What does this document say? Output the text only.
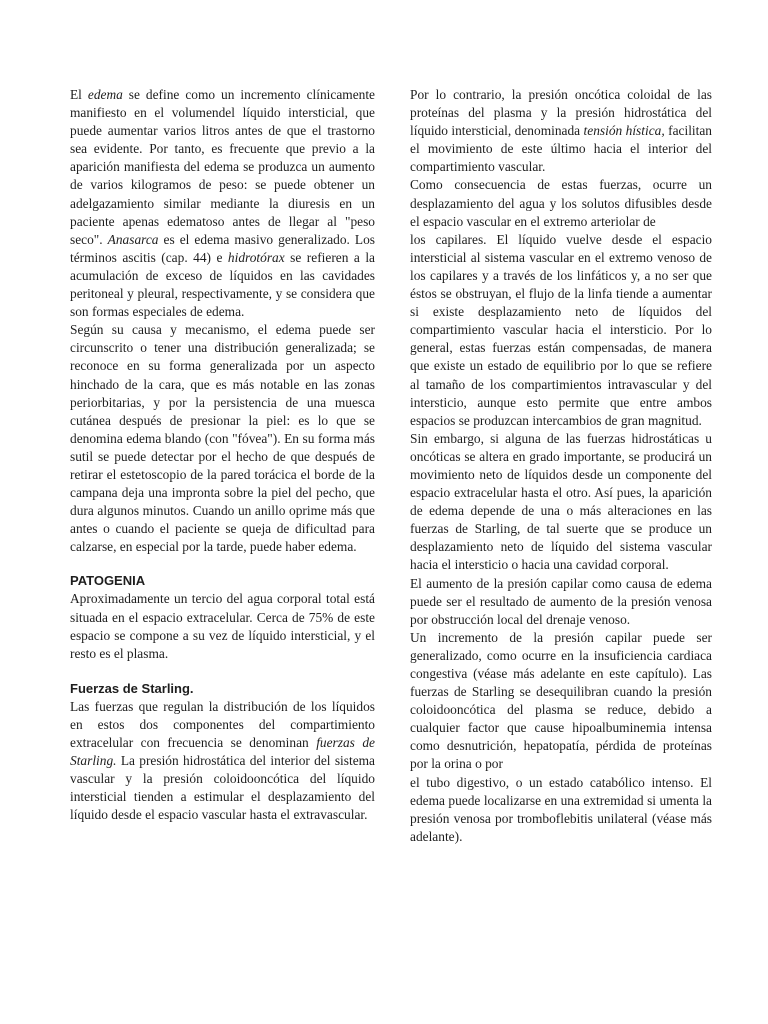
El edema se define como un incremento clínicamente manifiesto en el volumendel líquido intersticial, que puede aumentar varios litros antes de que el trastorno sea evidente. Por tanto, es frecuente que previo a la aparición manifiesta del edema se produzca un aumento de varios kilogramos de peso: se puede obtener un adelgazamiento similar mediante la diuresis en un paciente apenas edematoso antes de llegar al "peso seco". Anasarca es el edema masivo generalizado. Los términos ascitis (cap. 44) e hidrotórax se refieren a la acumulación de exceso de líquidos en las cavidades peritoneal y pleural, respectivamente, y se considera que son formas especiales de edema.

Según su causa y mecanismo, el edema puede ser circunscrito o tener una distribución generalizada; se reconoce en su forma generalizada por un aspecto hinchado de la cara, que es más notable en las zonas periorbitarias, y por la persistencia de una muesca cutánea después de presionar la piel: es lo que se denomina edema blando (con "fóvea"). En su forma más sutil se puede detectar por el hecho de que después de retirar el estetoscopio de la pared torácica el borde de la campana deja una impronta sobre la piel del pecho, que dura algunos minutos. Cuando un anillo oprime más que antes o cuando el paciente se queja de dificultad para calzarse, en especial por la tarde, puede haber edema.

PATOGENIA

Aproximadamente un tercio del agua corporal total está situada en el espacio extracelular. Cerca de 75% de este espacio se compone a su vez de líquido intersticial, y el resto es el plasma.

Fuerzas de Starling.

Las fuerzas que regulan la distribución de los líquidos en estos dos componentes del compartimiento extracelular con frecuencia se denominan fuerzas de Starling. La presión hidrostática del interior del sistema vascular y la presión coloidooncótica del líquido intersticial tienden a estimular el desplazamiento del líquido desde el espacio vascular hasta el extravascular.

Por lo contrario, la presión oncótica coloidal de las proteínas del plasma y la presión hidrostática del líquido intersticial, denominada tensión hística, facilitan el movimiento de este último hacia el interior del compartimiento vascular.

Como consecuencia de estas fuerzas, ocurre un desplazamiento del agua y los solutos difusibles desde el espacio vascular en el extremo arteriolar de

los capilares. El líquido vuelve desde el espacio intersticial al sistema vascular en el extremo venoso de los capilares y a través de los linfáticos y, a no ser que éstos se obstruyan, el flujo de la linfa tiende a aumentar si existe desplazamiento neto de líquidos del compartimiento vascular hacia el intersticio. Por lo general, estas fuerzas están compensadas, de manera que existe un estado de equilibrio por lo que se refiere al tamaño de los compartimientos intravascular y del intersticio, aunque esto permite que entre ambos espacios se produzcan intercambios de gran magnitud.

Sin embargo, si alguna de las fuerzas hidrostáticas u oncóticas se altera en grado importante, se producirá un movimiento neto de líquidos desde un componente del espacio extracelular hasta el otro. Así pues, la aparición de edema depende de una o más alteraciones en las fuerzas de Starling, de tal suerte que se produce un desplazamiento neto de líquido del sistema vascular hacia el intersticio o hacia una cavidad corporal.

El aumento de la presión capilar como causa de edema puede ser el resultado de aumento de la presión venosa por obstrucción local del drenaje venoso.

Un incremento de la presión capilar puede ser generalizado, como ocurre en la insuficiencia cardiaca congestiva (véase más adelante en este capítulo). Las fuerzas de Starling se desequilibran cuando la presión coloidooncótica del plasma se reduce, debido a cualquier factor que cause hipoalbuminemia intensa como desnutrición, hepatopatía, pérdida de proteínas por la orina o por

el tubo digestivo, o un estado catabólico intenso. El edema puede localizarse en una extremidad si umenta la presión venosa por tromboflebitis unilateral (véase más adelante).
